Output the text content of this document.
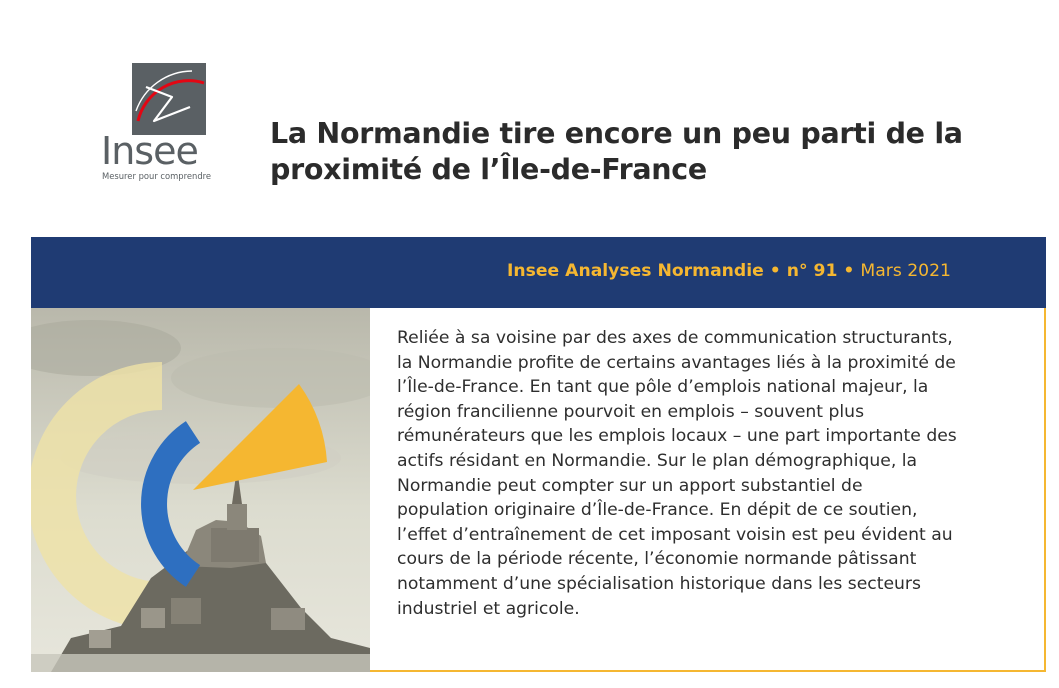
Insee
Mesurer pour comprendre
La Normandie tire encore un peu parti de la proximité de l’Île-de-France
Insee Analyses Normandie • n° 91 • Mars 2021

Reliée à sa voisine par des axes de communication structurants, la Normandie profite de certains avantages liés à la proximité de l’Île-de-France. En tant que pôle d’emplois national majeur, la région francilienne pourvoit en emplois – souvent plus rémunérateurs que les emplois locaux – une part importante des actifs résidant en Normandie. Sur le plan démographique, la Normandie peut compter sur un apport substantiel de population originaire d’Île-de-France. En dépit de ce soutien, l’effet d’entraînement de cet imposant voisin est peu évident au cours de la période récente, l’économie normande pâtissant notamment d’une spécialisation historique dans les secteurs industriel et agricole.
